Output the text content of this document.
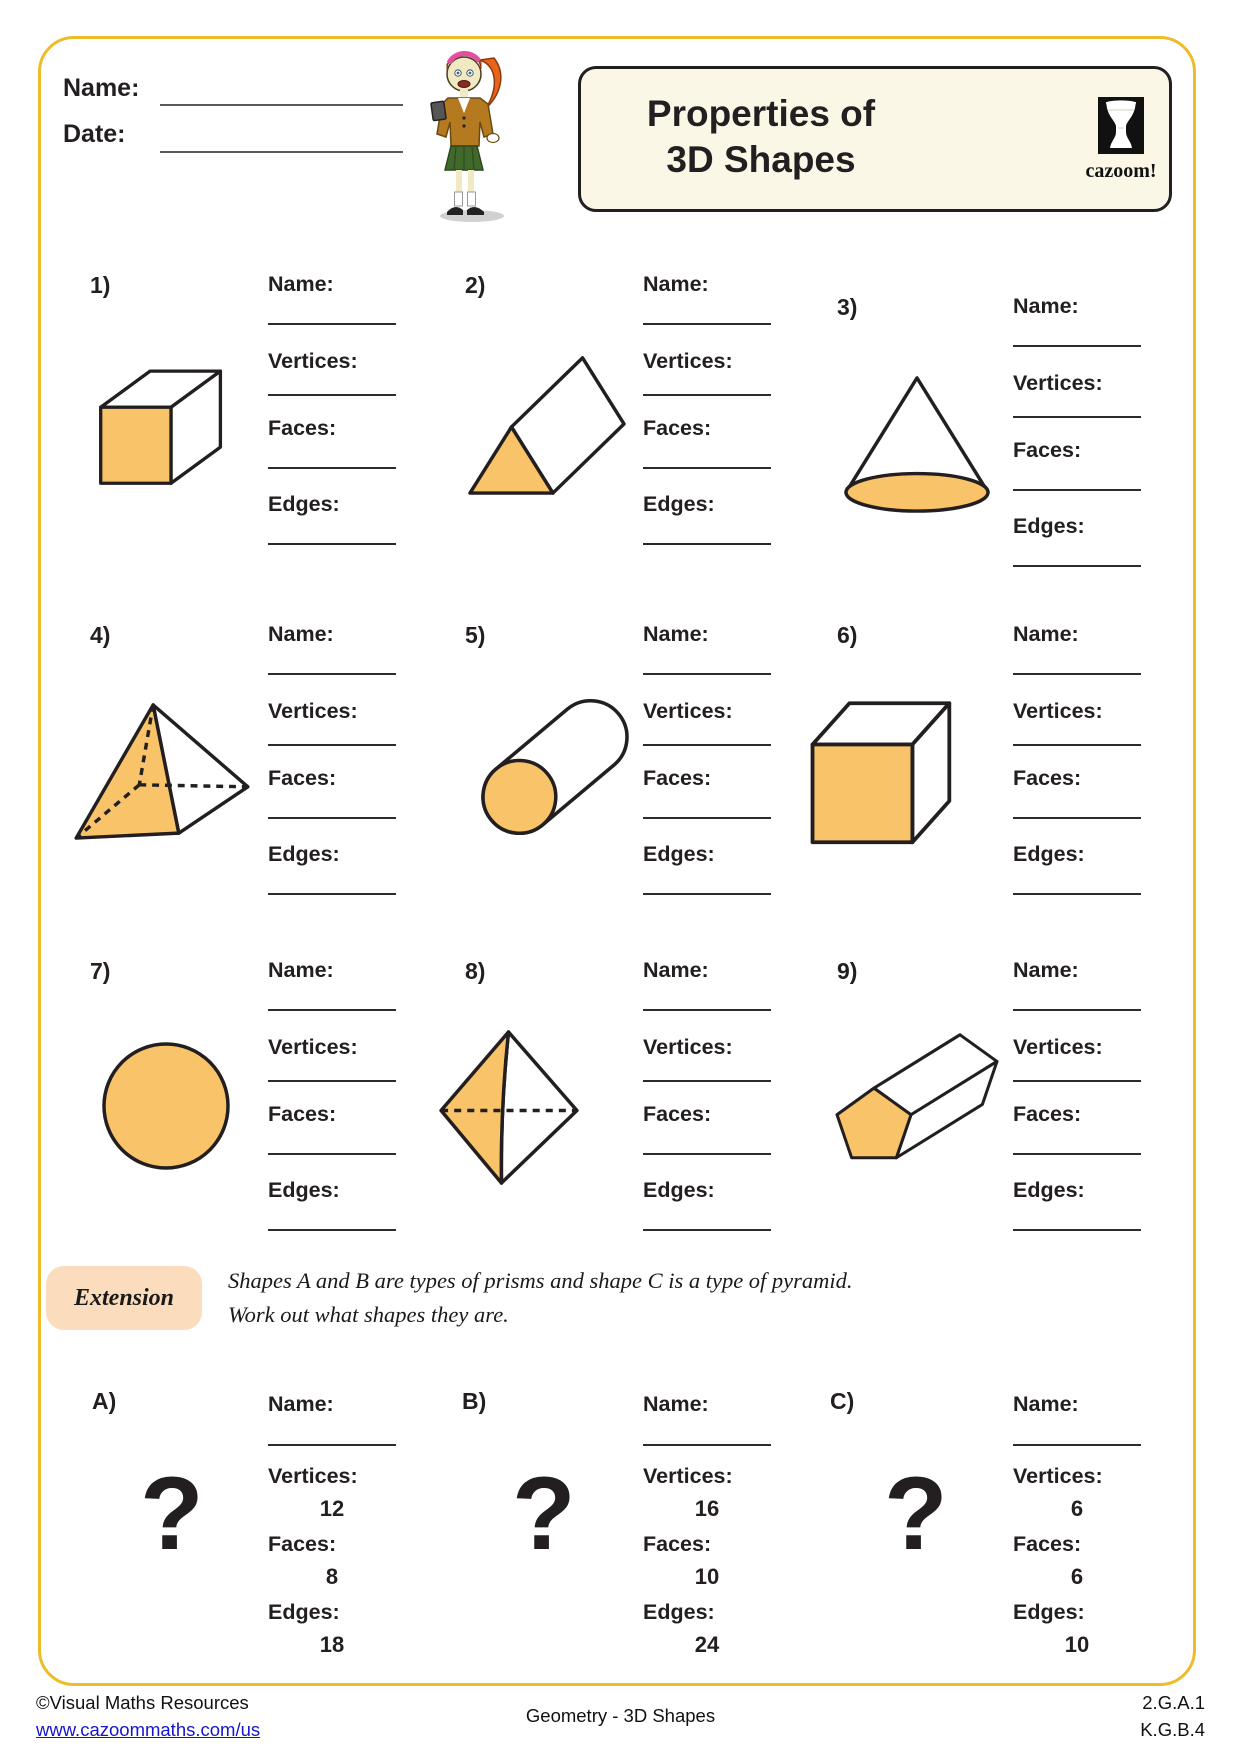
Name:
Date:	Properties of
3D Shapes	cazoom!
1)	Name:
Vertices:
Faces:
Edges:
2)	Name:
Vertices:
Faces:
Edges:
3)	Name:
Vertices:
Faces:
Edges:
4)	Name:
Vertices:
Faces:
Edges:
5)	Name:
Vertices:
Faces:
Edges:
6)	Name:
Vertices:
Faces:
Edges:
7)	Name:
Vertices:
Faces:
Edges:
8)	Name:
Vertices:
Faces:
Edges:
9)	Name:
Vertices:
Faces:
Edges:
Extension
Shapes A and B are types of prisms and shape C is a type of pyramid.
Work out what shapes they are.
A)
?
Name:
Vertices:
12
Faces:
8
Edges:
18
B)
?
Name:
Vertices:
16
Faces:
10
Edges:
24
C)
?
Name:
Vertices:
6
Faces:
6
Edges:
10
©Visual Maths Resources
www.cazoommaths.com/us
Geometry - 3D Shapes
2.G.A.1
K.G.B.4
